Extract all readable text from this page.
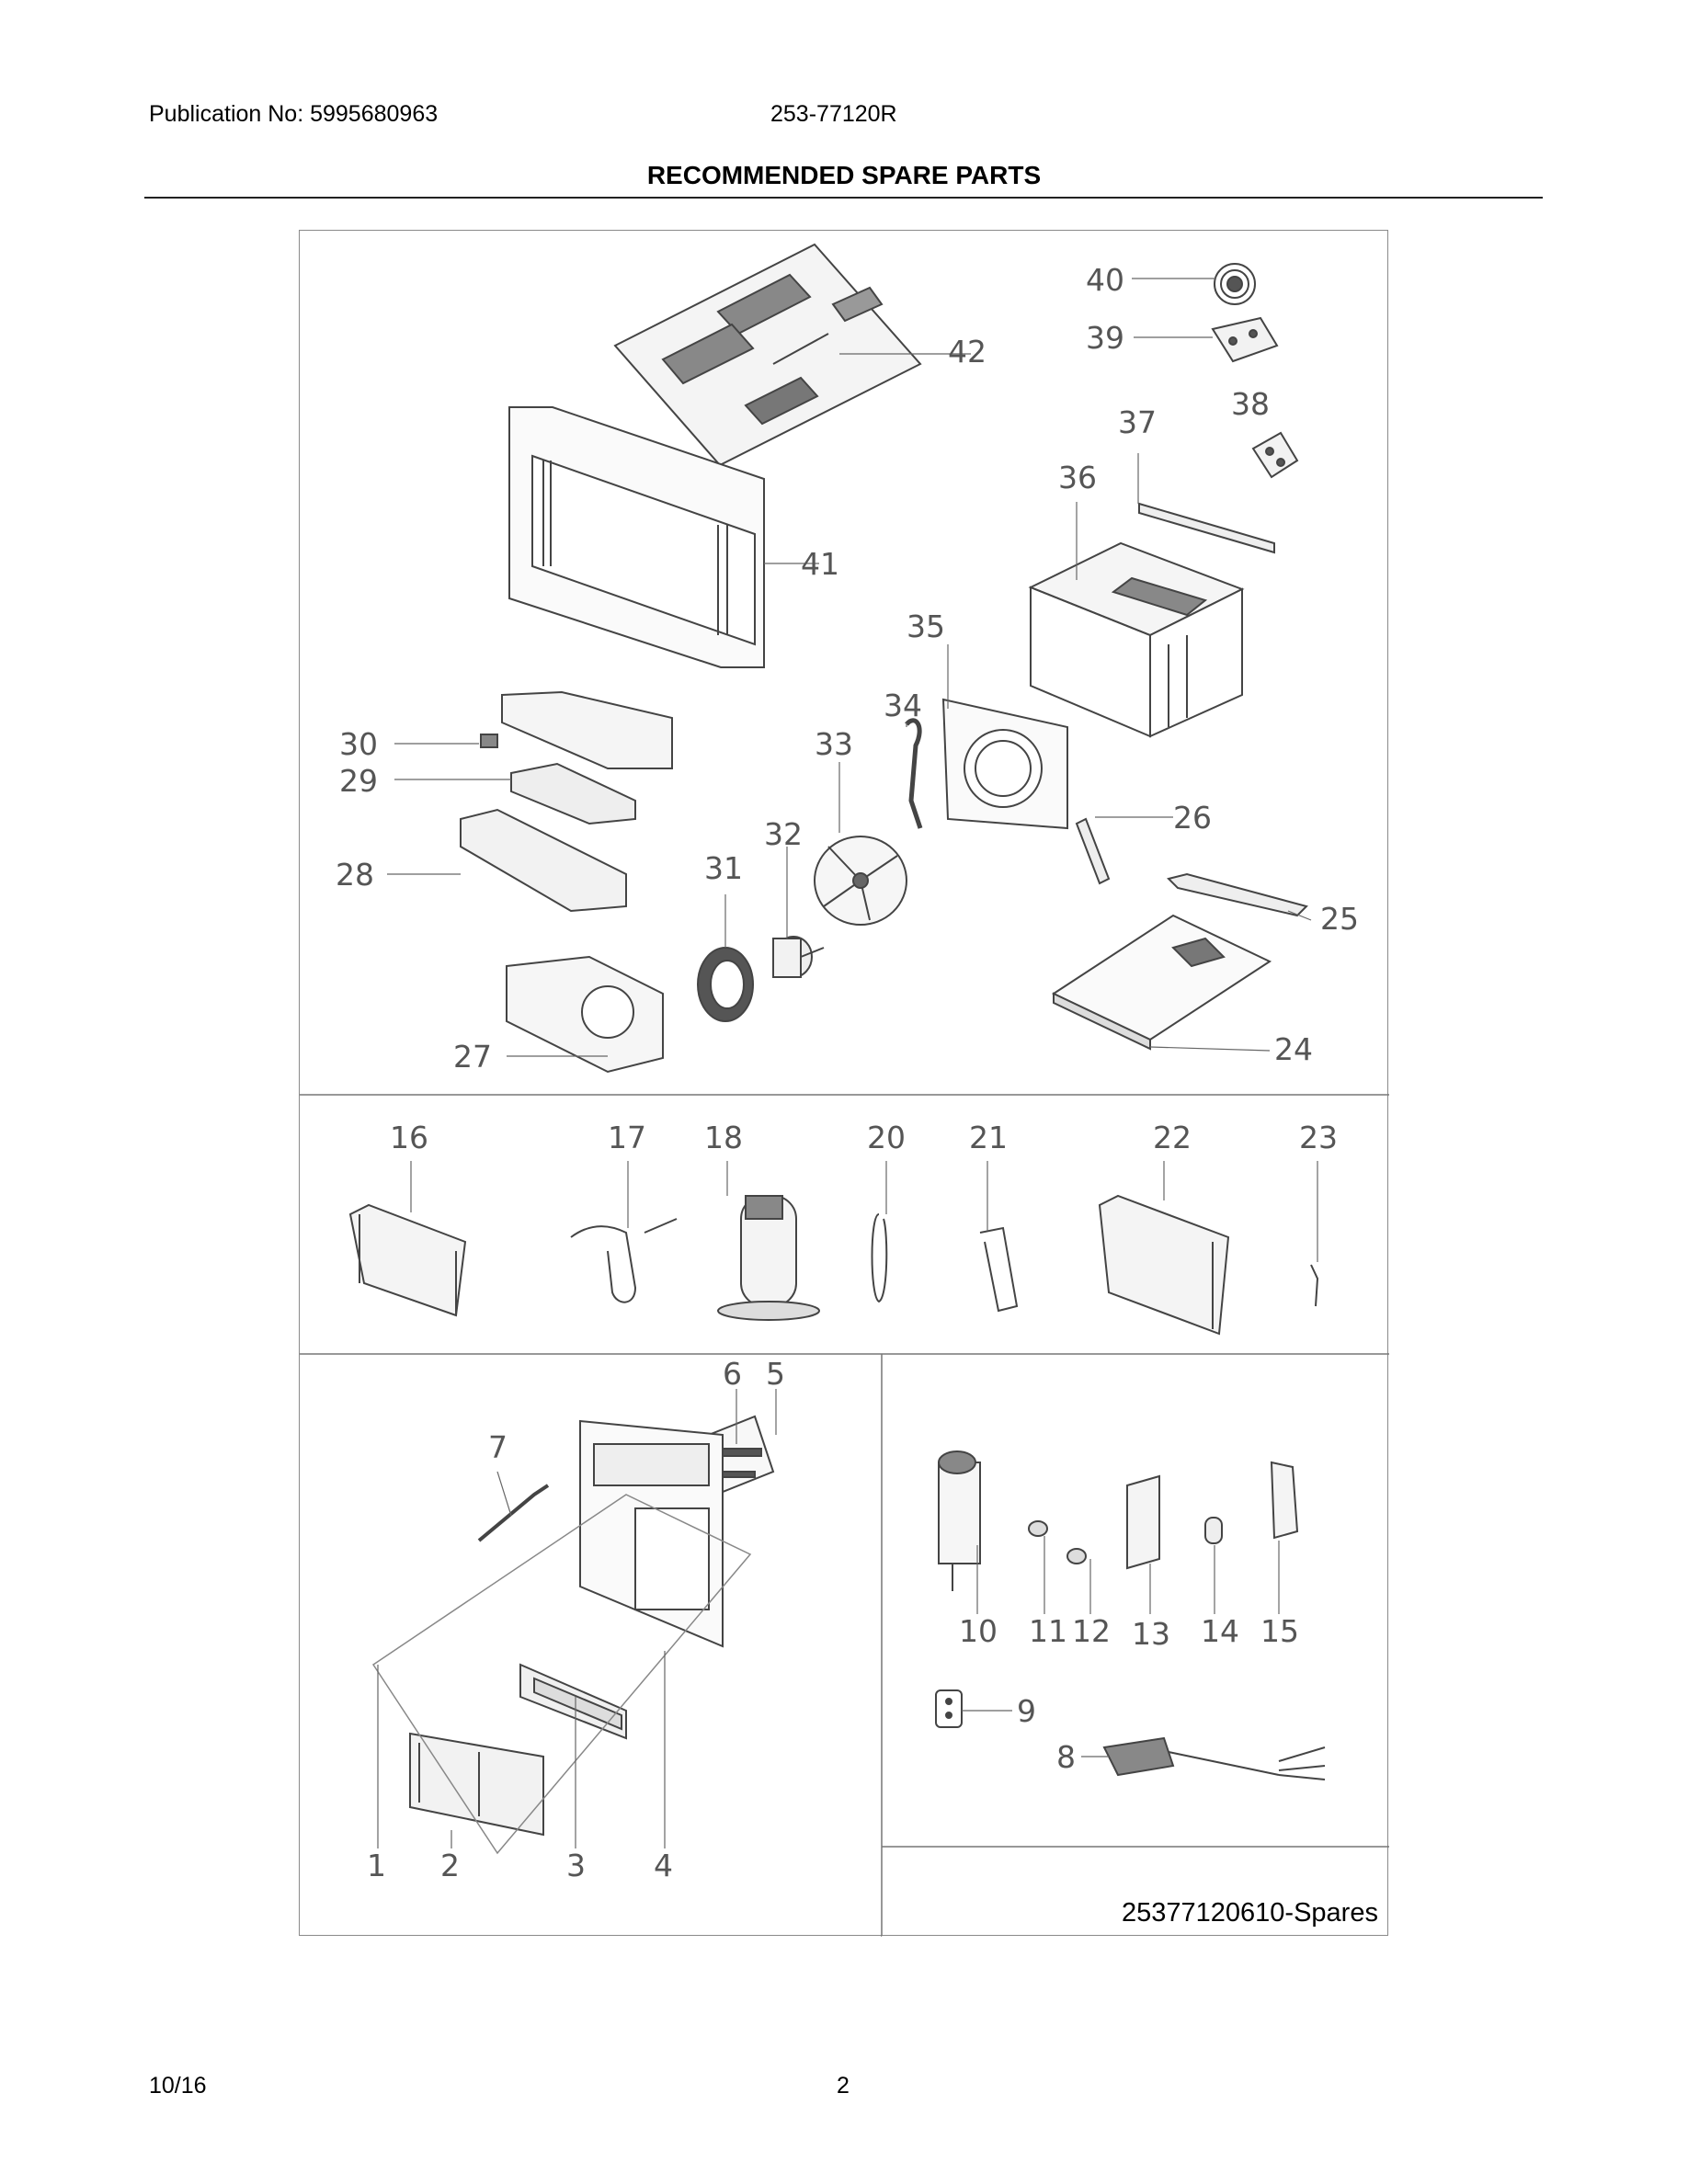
Publication No: 5995680963	253-77120R
RECOMMENDED SPARE PARTS
40
39
38
37
36
42
41
35
34
33
32
31
30
29
28
27
26
25
24
16	17 18	20 21	22	23
6 5
7
1 2	3 4
10 11 12 13 14 15
9
8
25377120610-Spares
10/16	2
